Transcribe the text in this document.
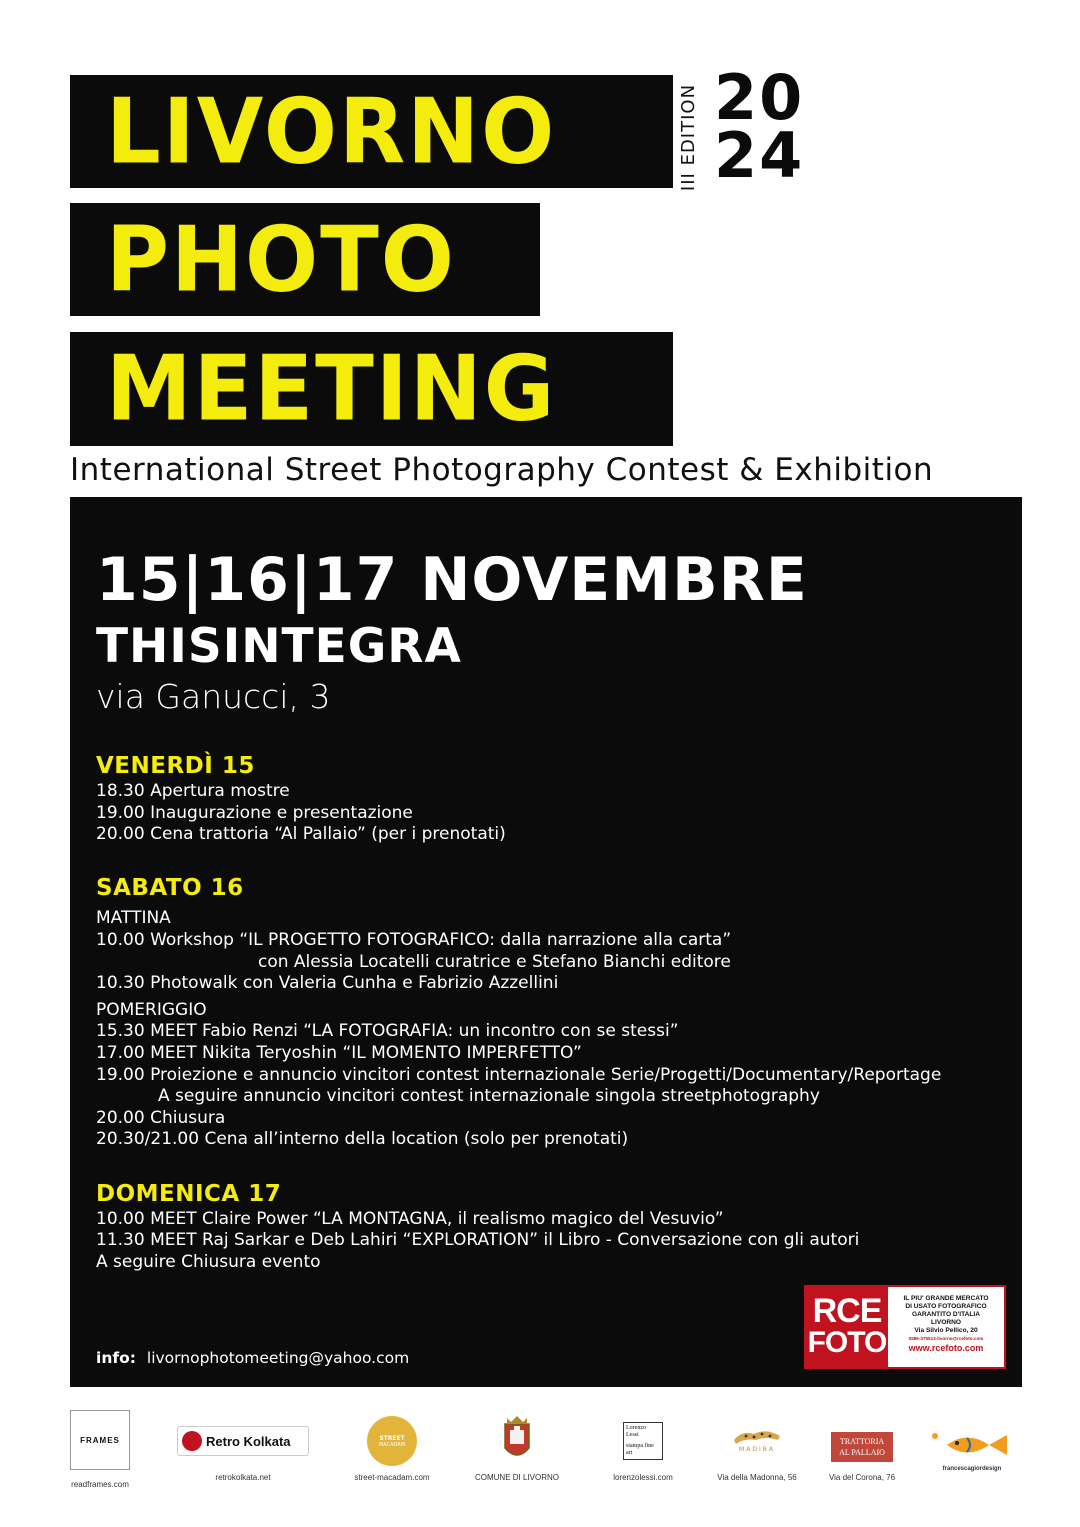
LIVORNO
PHOTO
MEETING
III EDITION 20
24
International Street Photography Contest & Exhibition
15|16|17 NOVEMBRE
THISINTEGRA
via Ganucci, 3
VENERDÌ 15
18.30 Apertura mostre
19.00 Inaugurazione e presentazione
20.00 Cena trattoria “Al Pallaio” (per i prenotati)
SABATO 16
MATTINA
10.00 Workshop “IL PROGETTO FOTOGRAFICO: dalla narrazione alla carta”
con Alessia Locatelli curatrice e Stefano Bianchi editore
10.30 Photowalk con Valeria Cunha e Fabrizio Azzellini
POMERIGGIO
15.30 MEET Fabio Renzi “LA FOTOGRAFIA: un incontro con se stessi”
17.00 MEET Nikita Teryoshin “IL MOMENTO IMPERFETTO”
19.00 Proiezione e annuncio vincitori contest internazionale Serie/Progetti/Documentary/Reportage
A seguire annuncio vincitori contest internazionale singola streetphotography
20.00 Chiusura
20.30/21.00 Cena all’interno della location (solo per prenotati)
DOMENICA 17
10.00 MEET Claire Power “LA MONTAGNA, il realismo magico del Vesuvio”
11.30 MEET Raj Sarkar e Deb Lahiri “EXPLORATION” il Libro - Conversazione con gli autori
A seguire Chiusura evento
info: livornophotomeeting@yahoo.com
RCE
FOTO
IL PIU' GRANDE MERCATO
DI USATO FOTOGRAFICO
GARANTITO D'ITALIA
LIVORNO
Via Silvio Pellico, 20
0586-375513-livorno@rcefoto.com
www.rcefoto.com
FRAMES
readframes.com
Retro Kolkata
retrokolkata.net
STREET
MACADAM
street-macadam.com	COMUNE DI LIVORNO
Lorenzo Lessi
stampa fine art
lorenzolessi.com
MADIBA
Via della Madonna, 56
TRATTORIA
AL PALLAIO
Via del Corona, 76
francescagiordesign
